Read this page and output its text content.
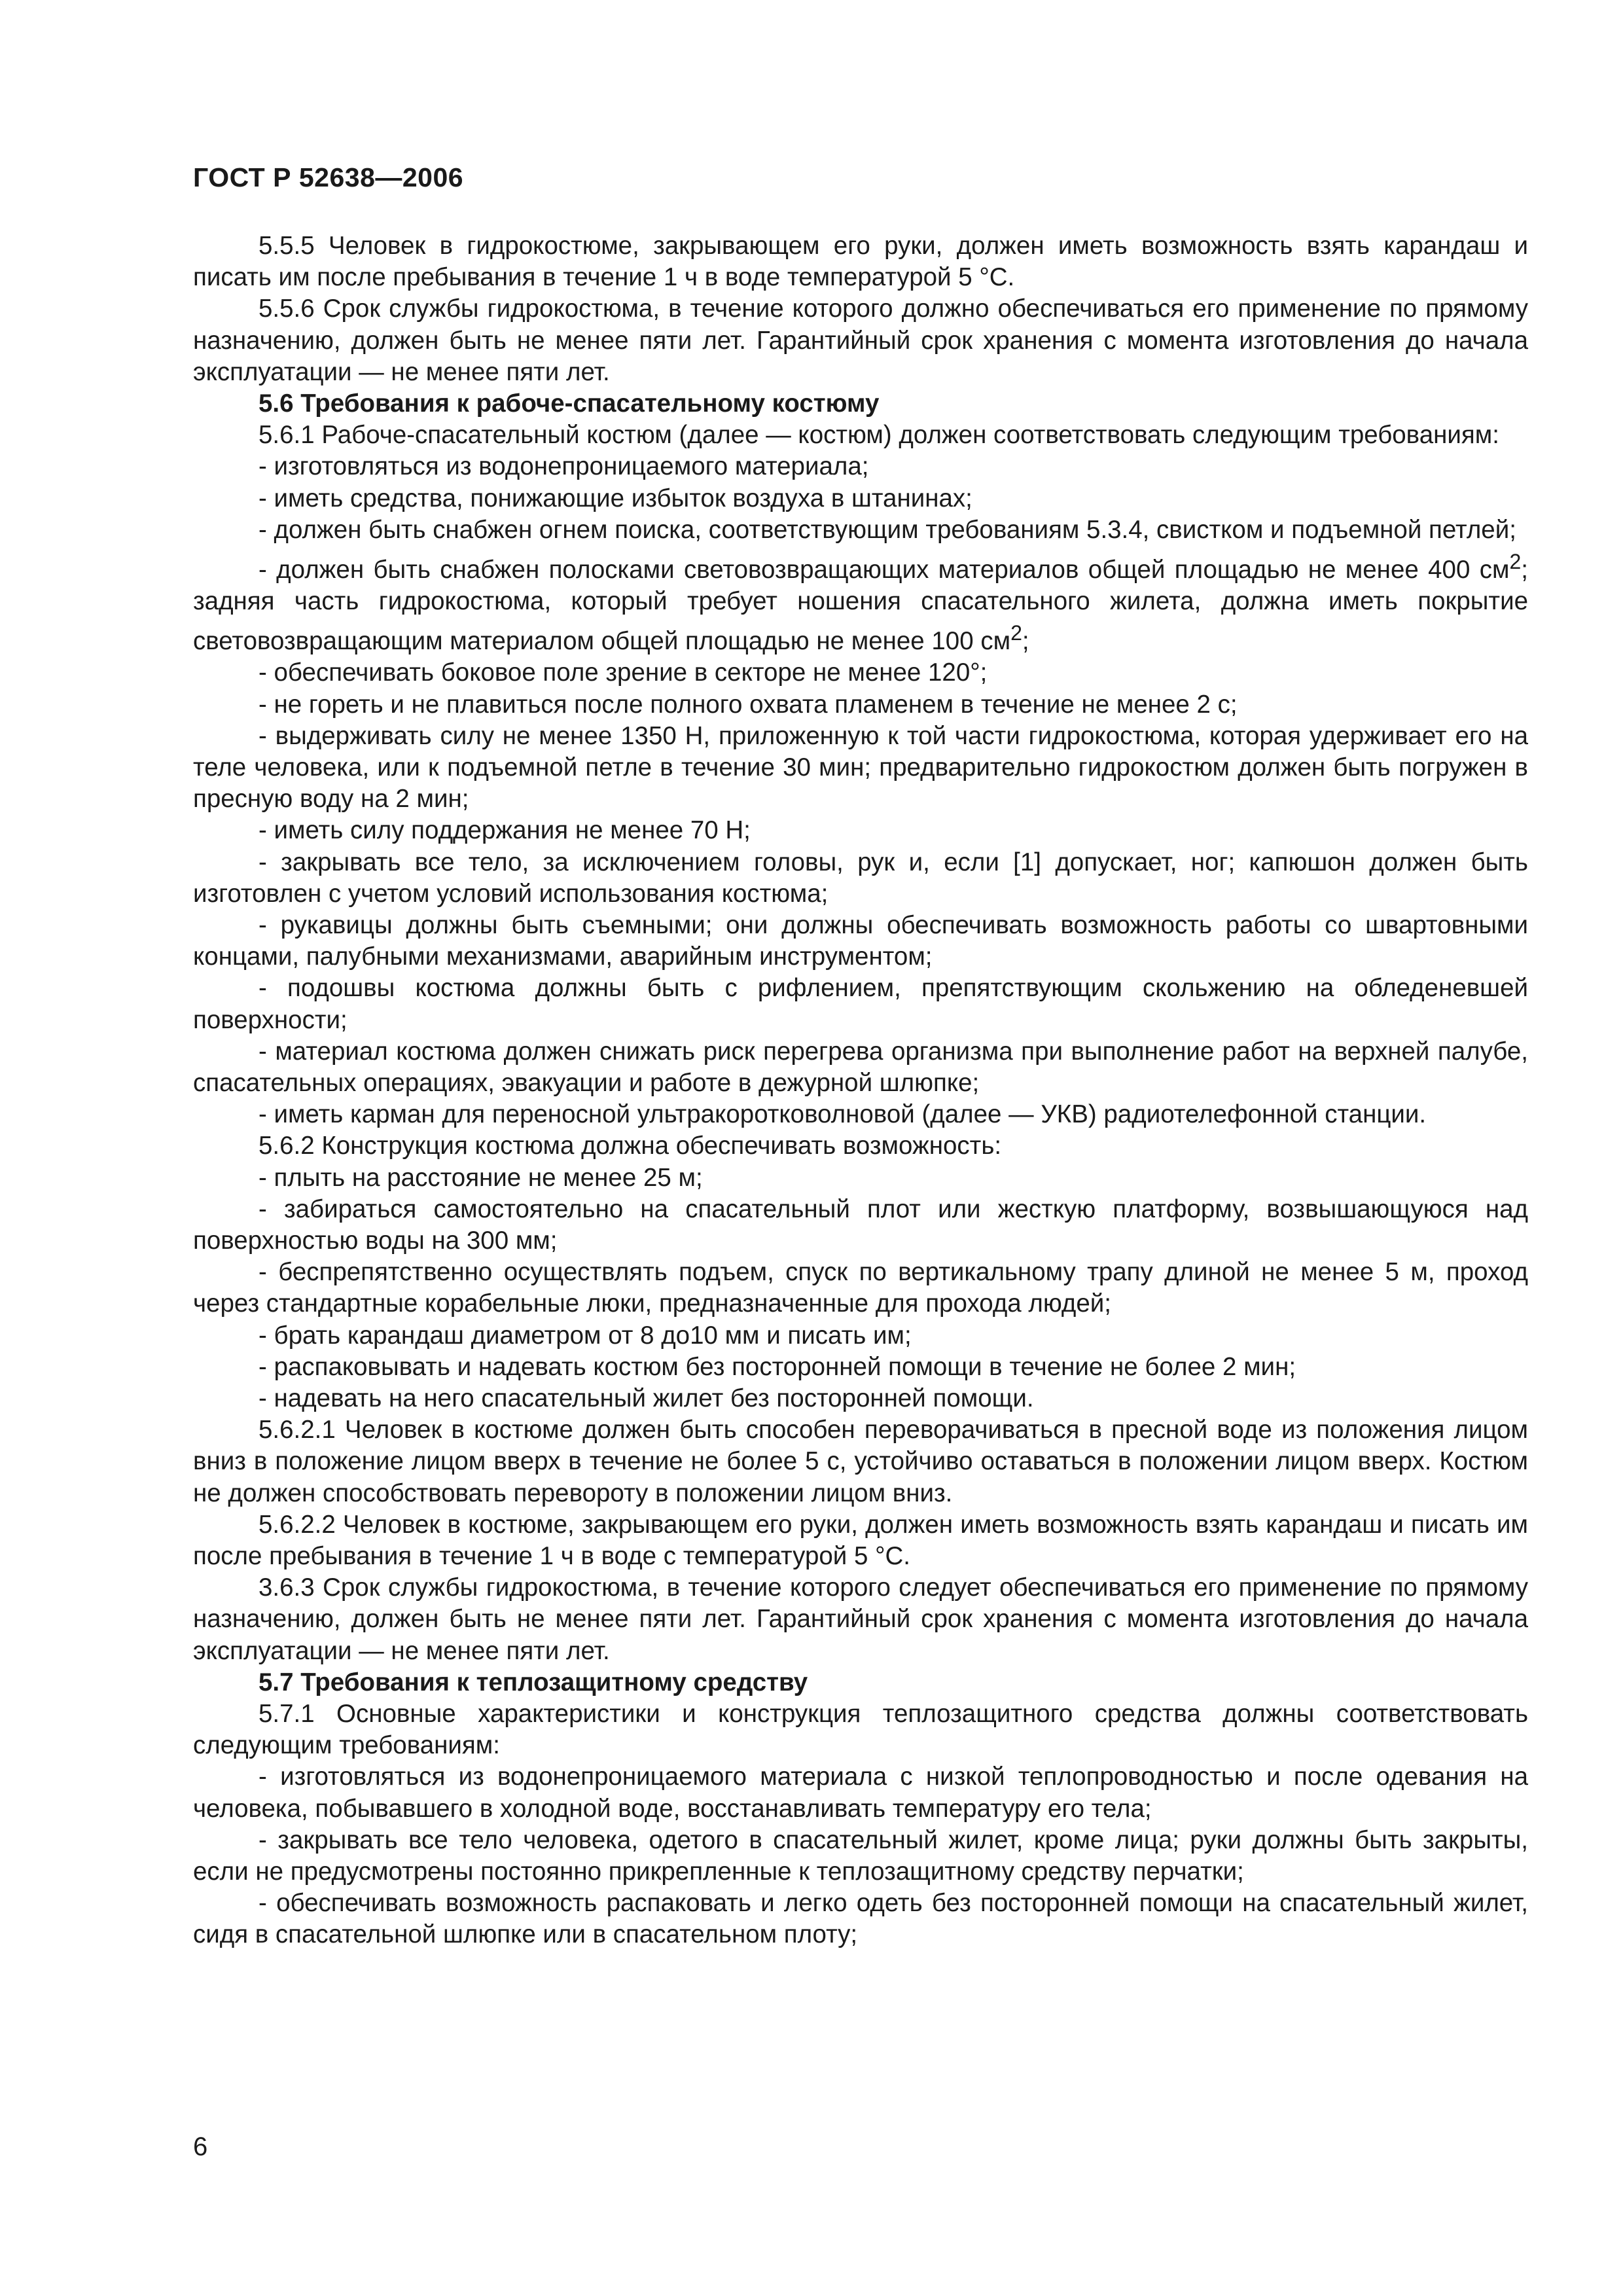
ГОСТ Р 52638—2006

5.5.5 Человек в гидрокостюме, закрывающем его руки, должен иметь возможность взять карандаш и писать им после пребывания в течение 1 ч в воде температурой 5 °С.

5.5.6 Срок службы гидрокостюма, в течение которого должно обеспечиваться его применение по прямому назначению, должен быть не менее пяти лет. Гарантийный срок хранения с момента изготовления до начала эксплуатации — не менее пяти лет.

5.6 Требования к рабоче-спасательному костюму

5.6.1 Рабоче-спасательный костюм (далее — костюм) должен соответствовать следующим требованиям:

- изготовляться из водонепроницаемого материала;

- иметь средства, понижающие избыток воздуха в штанинах;

- должен быть снабжен огнем поиска, соответствующим требованиям 5.3.4, свистком и подъемной петлей;

- должен быть снабжен полосками световозвращающих материалов общей площадью не менее 400 $см^2$; задняя часть гидрокостюма, который требует ношения спасательного жилета, должна иметь покрытие световозвращающим материалом общей площадью не менее 100 $см^2$;

- обеспечивать боковое поле зрение в секторе не менее 120°;

- не гореть и не плавиться после полного охвата пламенем в течение не менее 2 с;

- выдерживать силу не менее 1350 Н, приложенную к той части гидрокостюма, которая удерживает его на теле человека, или к подъемной петле в течение 30 мин; предварительно гидрокостюм должен быть погружен в пресную воду на 2 мин;

- иметь силу поддержания не менее 70 Н;

- закрывать все тело, за исключением головы, рук и, если [1] допускает, ног; капюшон должен быть изготовлен с учетом условий использования костюма;

- рукавицы должны быть съемными; они должны обеспечивать возможность работы со швартовными концами, палубными механизмами, аварийным инструментом;

- подошвы костюма должны быть с рифлением, препятствующим скольжению на обледеневшей поверхности;

- материал костюма должен снижать риск перегрева организма при выполнение работ на верхней палубе, спасательных операциях, эвакуации и работе в дежурной шлюпке;

- иметь карман для переносной ультракоротковолновой (далее — УКВ) радиотелефонной станции.

5.6.2 Конструкция костюма должна обеспечивать возможность:

- плыть на расстояние не менее 25 м;

- забираться самостоятельно на спасательный плот или жесткую платформу, возвышающуюся над поверхностью воды на 300 мм;

- беспрепятственно осуществлять подъем, спуск по вертикальному трапу длиной не менее 5 м, проход через стандартные корабельные люки, предназначенные для прохода людей;

- брать карандаш диаметром от 8 до10 мм и писать им;

- распаковывать и надевать костюм без посторонней помощи в течение не более 2 мин;

- надевать на него спасательный жилет без посторонней помощи.

5.6.2.1 Человек в костюме должен быть способен переворачиваться в пресной воде из положения лицом вниз в положение лицом вверх в течение не более 5 с, устойчиво оставаться в положении лицом вверх. Костюм не должен способствовать перевороту в положении лицом вниз.

5.6.2.2 Человек в костюме, закрывающем его руки, должен иметь возможность взять карандаш и писать им после пребывания в течение 1 ч в воде с температурой 5 °С.

3.6.3 Срок службы гидрокостюма, в течение которого следует обеспечиваться его применение по прямому назначению, должен быть не менее пяти лет. Гарантийный срок хранения с момента изготовления до начала эксплуатации — не менее пяти лет.

5.7 Требования к теплозащитному средству

5.7.1 Основные характеристики и конструкция теплозащитного средства должны соответствовать следующим требованиям:

- изготовляться из водонепроницаемого материала с низкой теплопроводностью и после одевания на человека, побывавшего в холодной воде, восстанавливать температуру его тела;

- закрывать все тело человека, одетого в спасательный жилет, кроме лица; руки должны быть закрыты, если не предусмотрены постоянно прикрепленные к теплозащитному средству перчатки;

- обеспечивать возможность распаковать и легко одеть без посторонней помощи на спасательный жилет, сидя в спасательной шлюпке или в спасательном плоту;

6
